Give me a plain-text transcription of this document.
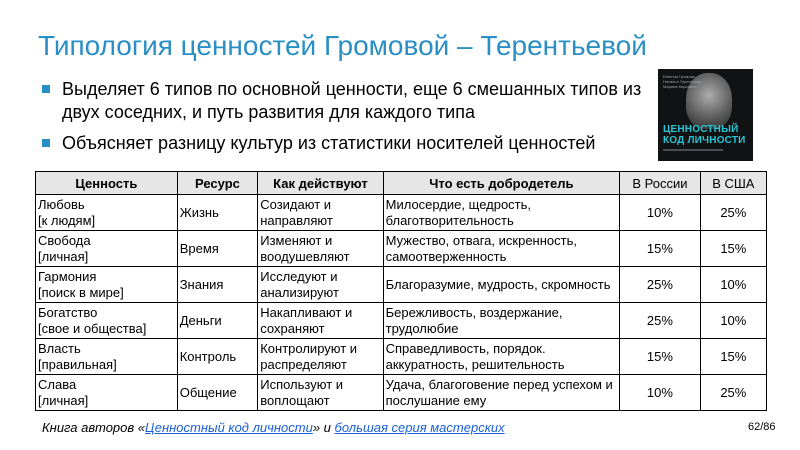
Типология ценностей Громовой – Терентьевой
Выделяет 6 типов по основной ценности, еще 6 смешанных типов из двух соседних, и путь развития для каждого типа
Объясняет разницу культур из статистики носителей ценностей
Евгения Громова Наталья Терентьева Марина Кирилина
ЦЕННОСТНЫЙ
КОД ЛИЧНОСТИ
Ценность	Ресурс	Как действуют	Что есть добродетель	В России	В США

Любовь
[к людям]	Жизнь	Созидают и направляют	Милосердие, щедрость, благотворительность	10%	25%

Свобода
[личная]	Время	Изменяют и воодушевляют	Мужество, отвага, искренность, самоотверженность	15%	15%

Гармония
[поиск в мире]	Знания	Исследуют и анализируют	Благоразумие, мудрость, скромность	25%	10%

Богатство
[свое и общества]	Деньги	Накапливают и сохраняют	Бережливость, воздержание, трудолюбие	25%	10%

Власть
[правильная]	Контроль	Контролируют и распределяют	Справедливость, порядок. аккуратность, решительность	15%	15%

Слава
[личная]	Общение	Используют и воплощают	Удача, благоговение перед успехом и послушание ему	10%	25%
Книга авторов «Ценностный код личности» и большая серия мастерских	62/86
